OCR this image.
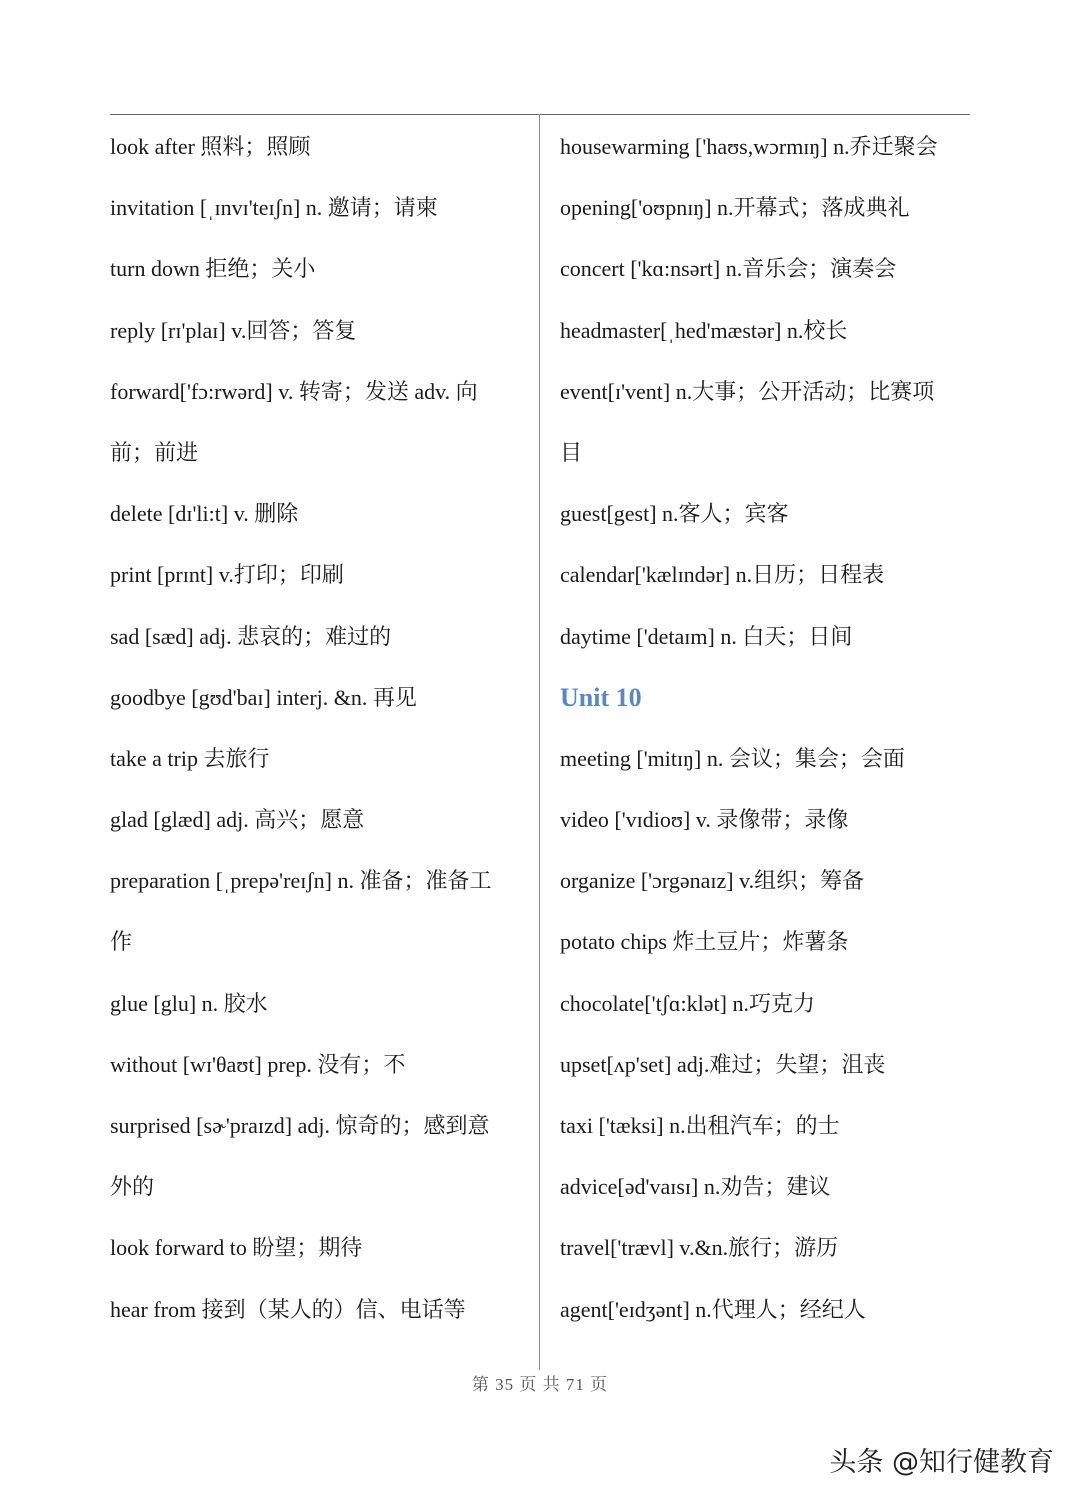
look after 照料；照顾
invitation [ˌɪnvɪ'teɪʃn] n. 邀请；请柬
turn down 拒绝；关小
reply [rɪ'plaɪ] v.回答；答复
forward['fɔ:rwərd] v. 转寄；发送 adv. 向
前；前进
delete [dɪ'li:t] v. 删除
print [prɪnt] v.打印；印刷
sad [sæd] adj. 悲哀的；难过的
goodbye [gʊd'baɪ] interj. &n. 再见
take a trip 去旅行
glad [glæd] adj. 高兴；愿意
preparation [ˌprepə'reɪʃn] n. 准备；准备工
作
glue [glu] n. 胶水
without [wɪ'θaʊt] prep. 没有；不
surprised [sɚ'praɪzd] adj. 惊奇的；感到意
外的
look forward to 盼望；期待
hear from 接到（某人的）信、电话等
housewarming ['haʊs,wɔrmɪŋ] n.乔迁聚会
opening['oʊpnɪŋ] n.开幕式；落成典礼
concert ['kɑ:nsərt] n.音乐会；演奏会
headmaster[ˌhed'mæstər] n.校长
event[ɪ'vent] n.大事；公开活动；比赛项
目
guest[gest] n.客人；宾客
calendar['kælɪndər] n.日历；日程表
daytime ['detaɪm] n. 白天；日间
Unit 10
meeting ['mitɪŋ] n. 会议；集会；会面
video ['vɪdioʊ] v. 录像带；录像
organize ['ɔrgənaɪz] v.组织；筹备
potato chips 炸土豆片；炸薯条
chocolate['tʃɑ:klət] n.巧克力
upset[ʌp'set] adj.难过；失望；沮丧
taxi ['tæksi] n.出租汽车；的士
advice[əd'vaɪsɪ] n.劝告；建议
travel['trævl] v.&n.旅行；游历
agent['eɪdʒənt] n.代理人；经纪人
第 35 页 共 71 页
头条 @知行健教育
